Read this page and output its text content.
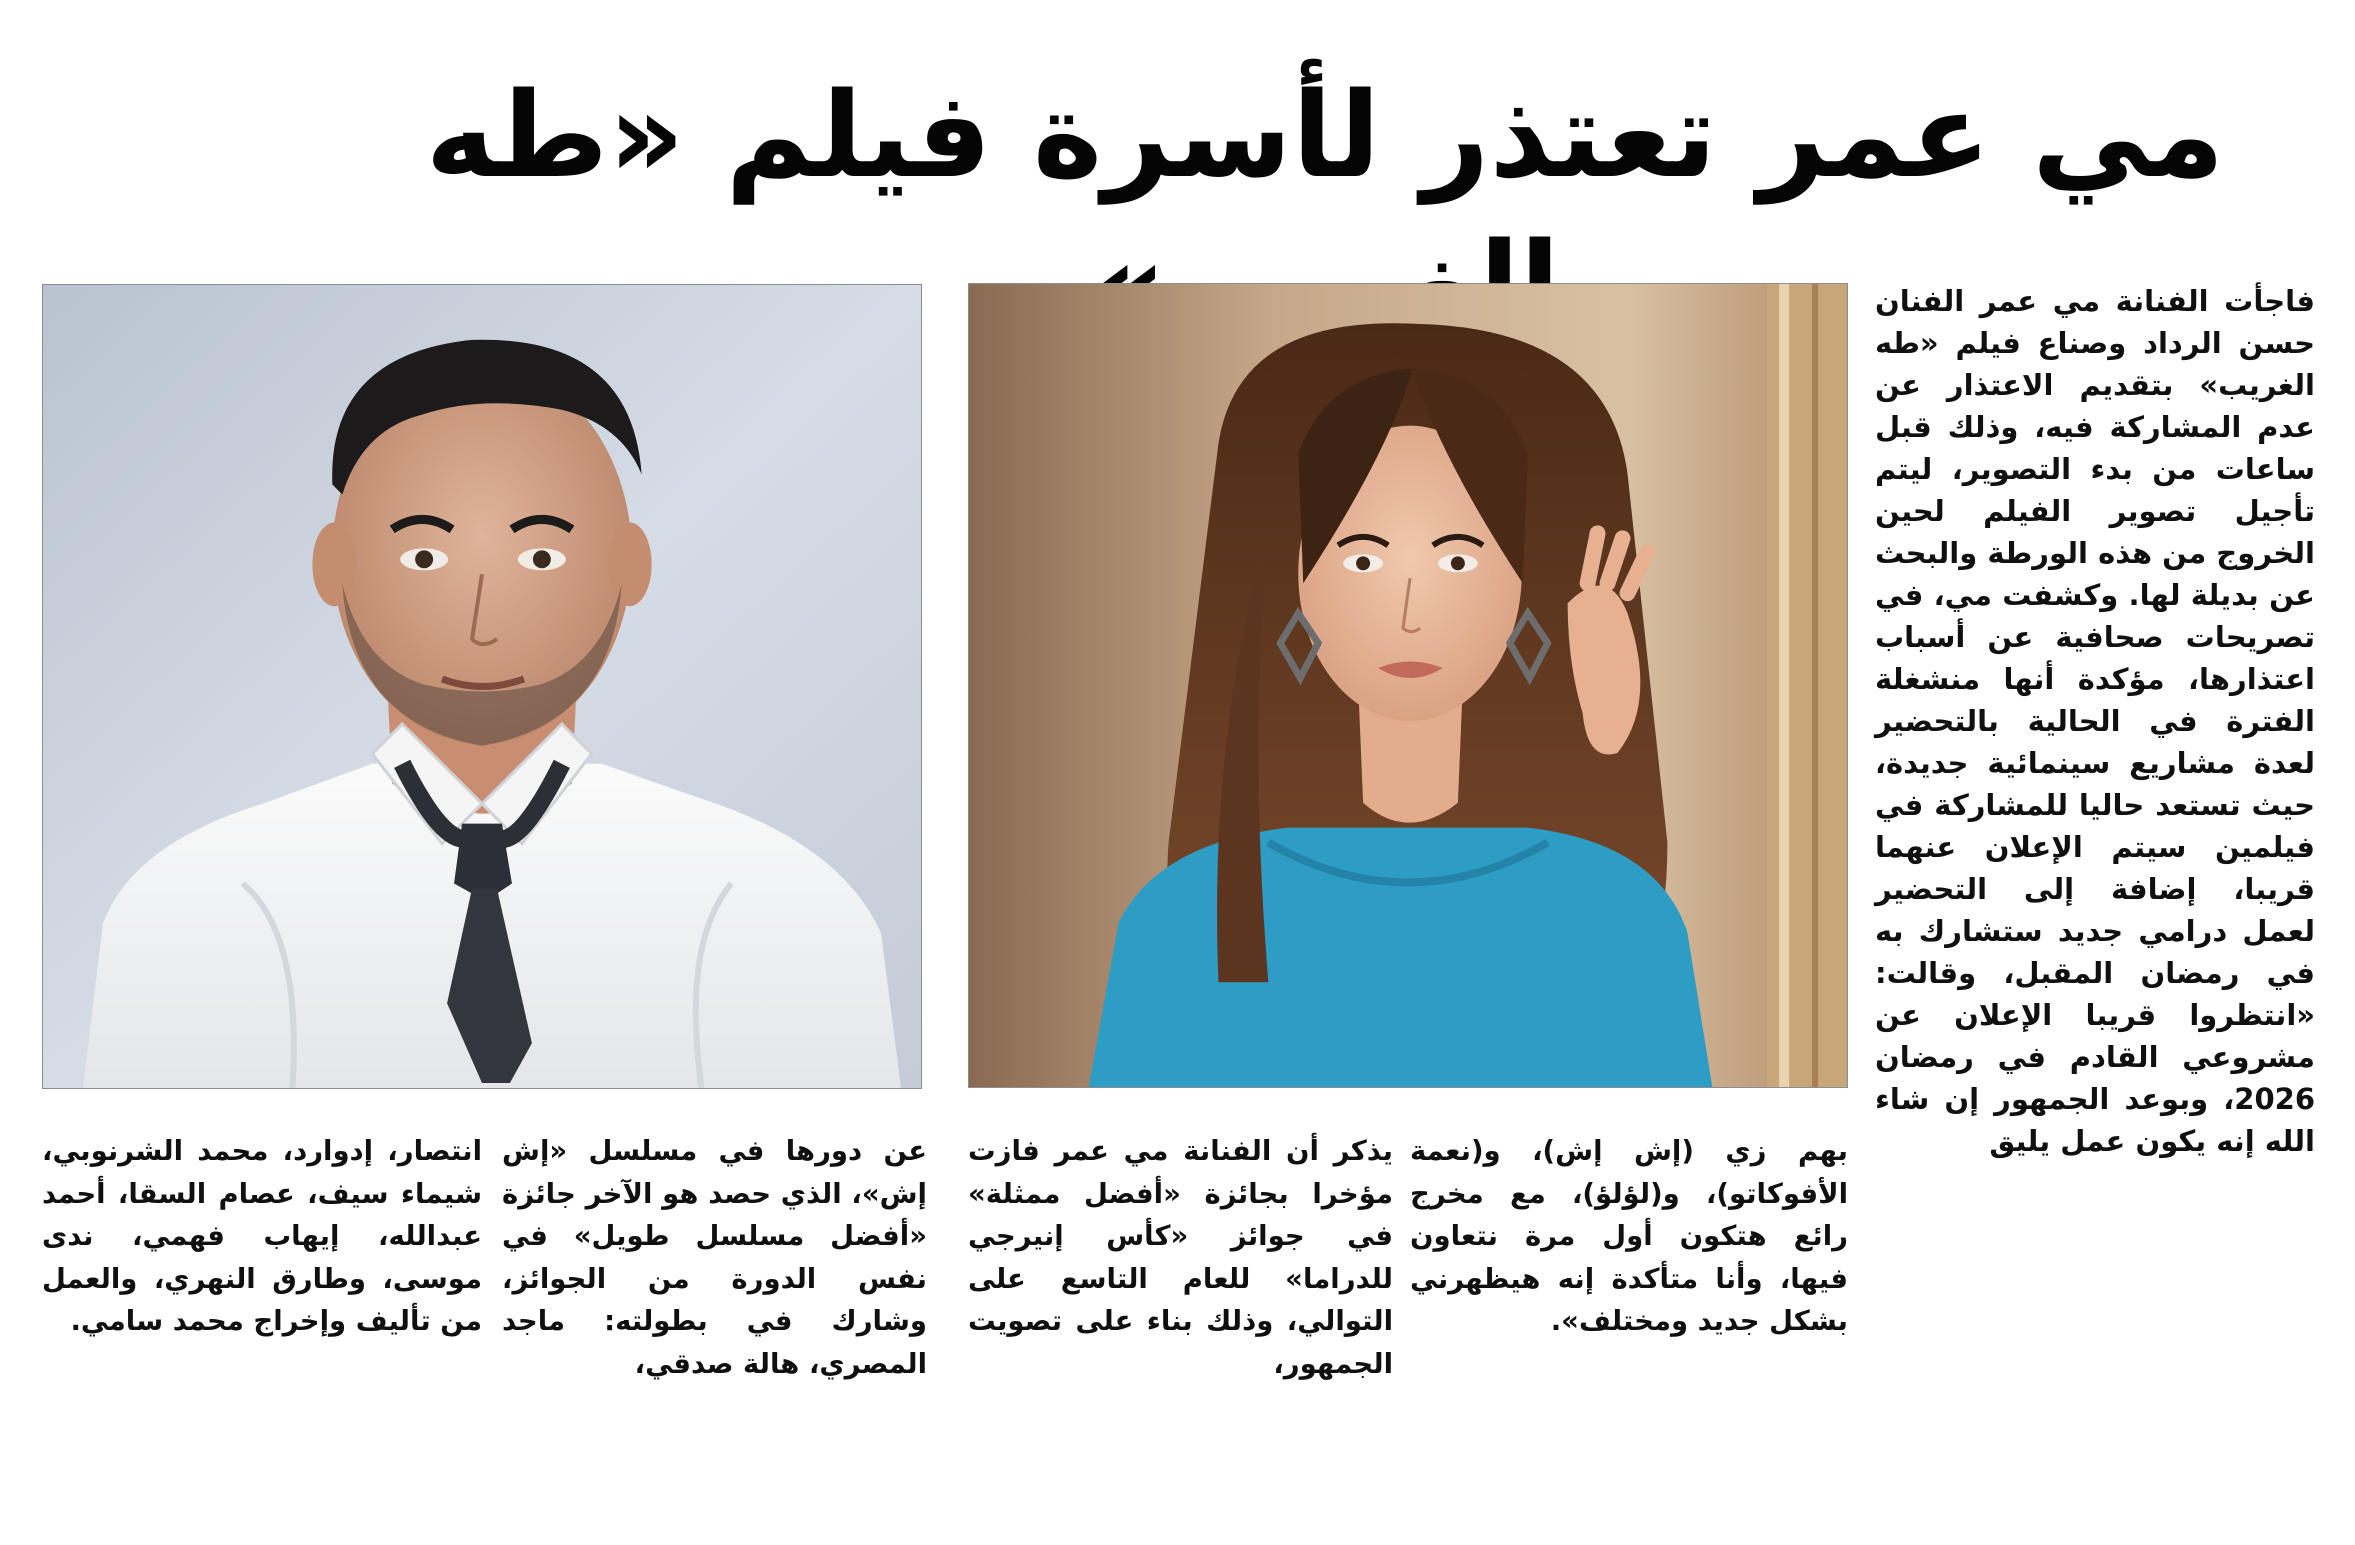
مي عمر تعتذر لأسرة فيلم «طه
فاجأت الفنانة مي عمر الفنان حسن الرداد وصناع فيلم «طه الغريب» بتقديم الاعتذار عن عدم المشاركة فيه، وذلك قبل ساعات من بدء التصوير، ليتم تأجيل تصوير الفيلم لحين الخروج من هذه الورطة والبحث عن بديلة لها. وكشفت مي، في تصريحات صحافية عن أسباب اعتذارها، مؤكدة أنها منشغلة الفترة في الحالية بالتحضير لعدة مشاريع سينمائية جديدة، حيث تستعد حاليا للمشاركة في فيلمين سيتم الإعلان عنهما قريبا، إضافة إلى التحضير لعمل درامي جديد ستشارك به في رمضان المقبل، وقالت: «انتظروا قريبا الإعلان عن مشروعي القادم في رمضان 2026، وبوعد الجمهور إن شاء الله إنه يكون عمل يليق
بهم زي (إش إش)، و(نعمة الأفوكاتو)، و(لؤلؤ)، مع مخرج رائع هتكون أول مرة نتعاون فيها، وأنا متأكدة إنه هيظهرني بشكل جديد ومختلف».
يذكر أن الفنانة مي عمر فازت مؤخرا بجائزة «أفضل ممثلة» في جوائز «كأس إنيرجي للدراما» للعام التاسع على التوالي، وذلك بناء على تصويت الجمهور،
عن دورها في مسلسل «إش إش»، الذي حصد هو الآخر جائزة «أفضل مسلسل طويل» في نفس الدورة من الجوائز، وشارك في بطولته: ماجد المصري، هالة صدقي،
انتصار، إدوارد، محمد الشرنوبي، شيماء سيف، عصام السقا، أحمد عبدالله، إيهاب فهمي، ندى موسى، وطارق النهري، والعمل من تأليف وإخراج محمد سامي.
